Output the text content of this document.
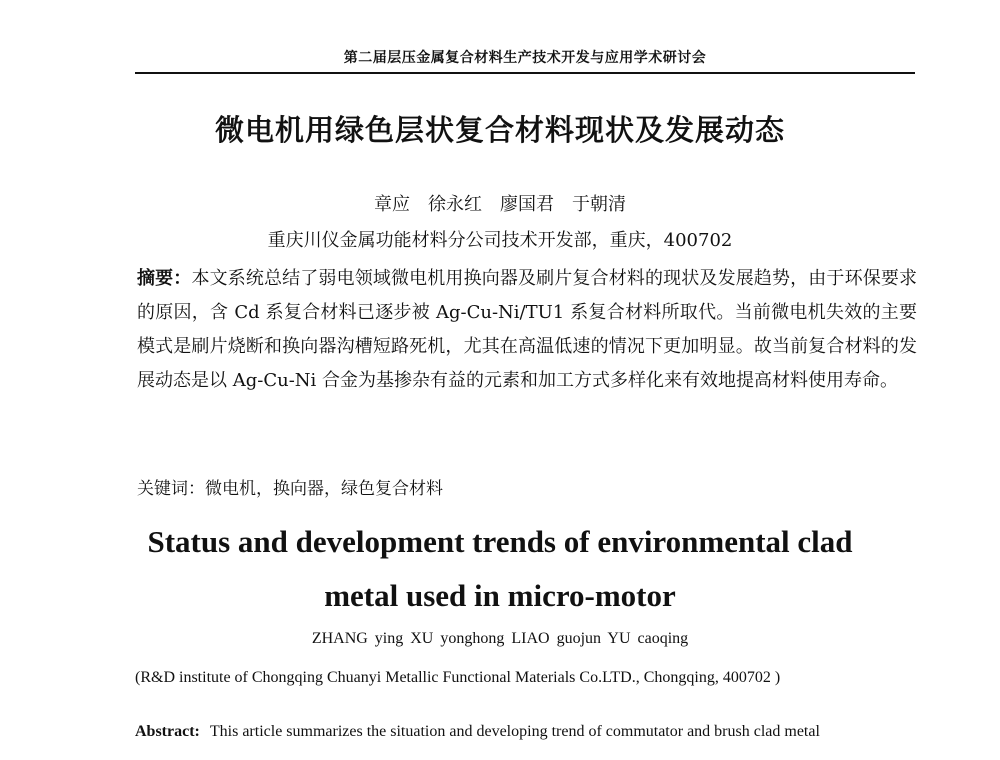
第二届层压金属复合材料生产技术开发与应用学术研讨会
微电机用绿色层状复合材料现状及发展动态
章应　徐永红　廖国君　于朝清
重庆川仪金属功能材料分公司技术开发部，重庆，400702

摘要：本文系统总结了弱电领域微电机用换向器及刷片复合材料的现状及发展趋势，由于环保要求的原因，含 Cd 系复合材料已逐步被 Ag-Cu-Ni/TU1 系复合材料所取代。当前微电机失效的主要模式是刷片烧断和换向器沟槽短路死机，尤其在高温低速的情况下更加明显。故当前复合材料的发展动态是以 Ag-Cu-Ni 合金为基掺杂有益的元素和加工方式多样化来有效地提高材料使用寿命。

关键词：微电机，换向器，绿色复合材料
Status and development trends of environmental clad
metal used in micro-motor
ZHANG ying XU yonghong LIAO guojun YU caoqing
(R&D institute of Chongqing Chuanyi Metallic Functional Materials Co.LTD., Chongqing, 400702 )

Abstract: This article summarizes the situation and developing trend of commutator and brush clad metal
